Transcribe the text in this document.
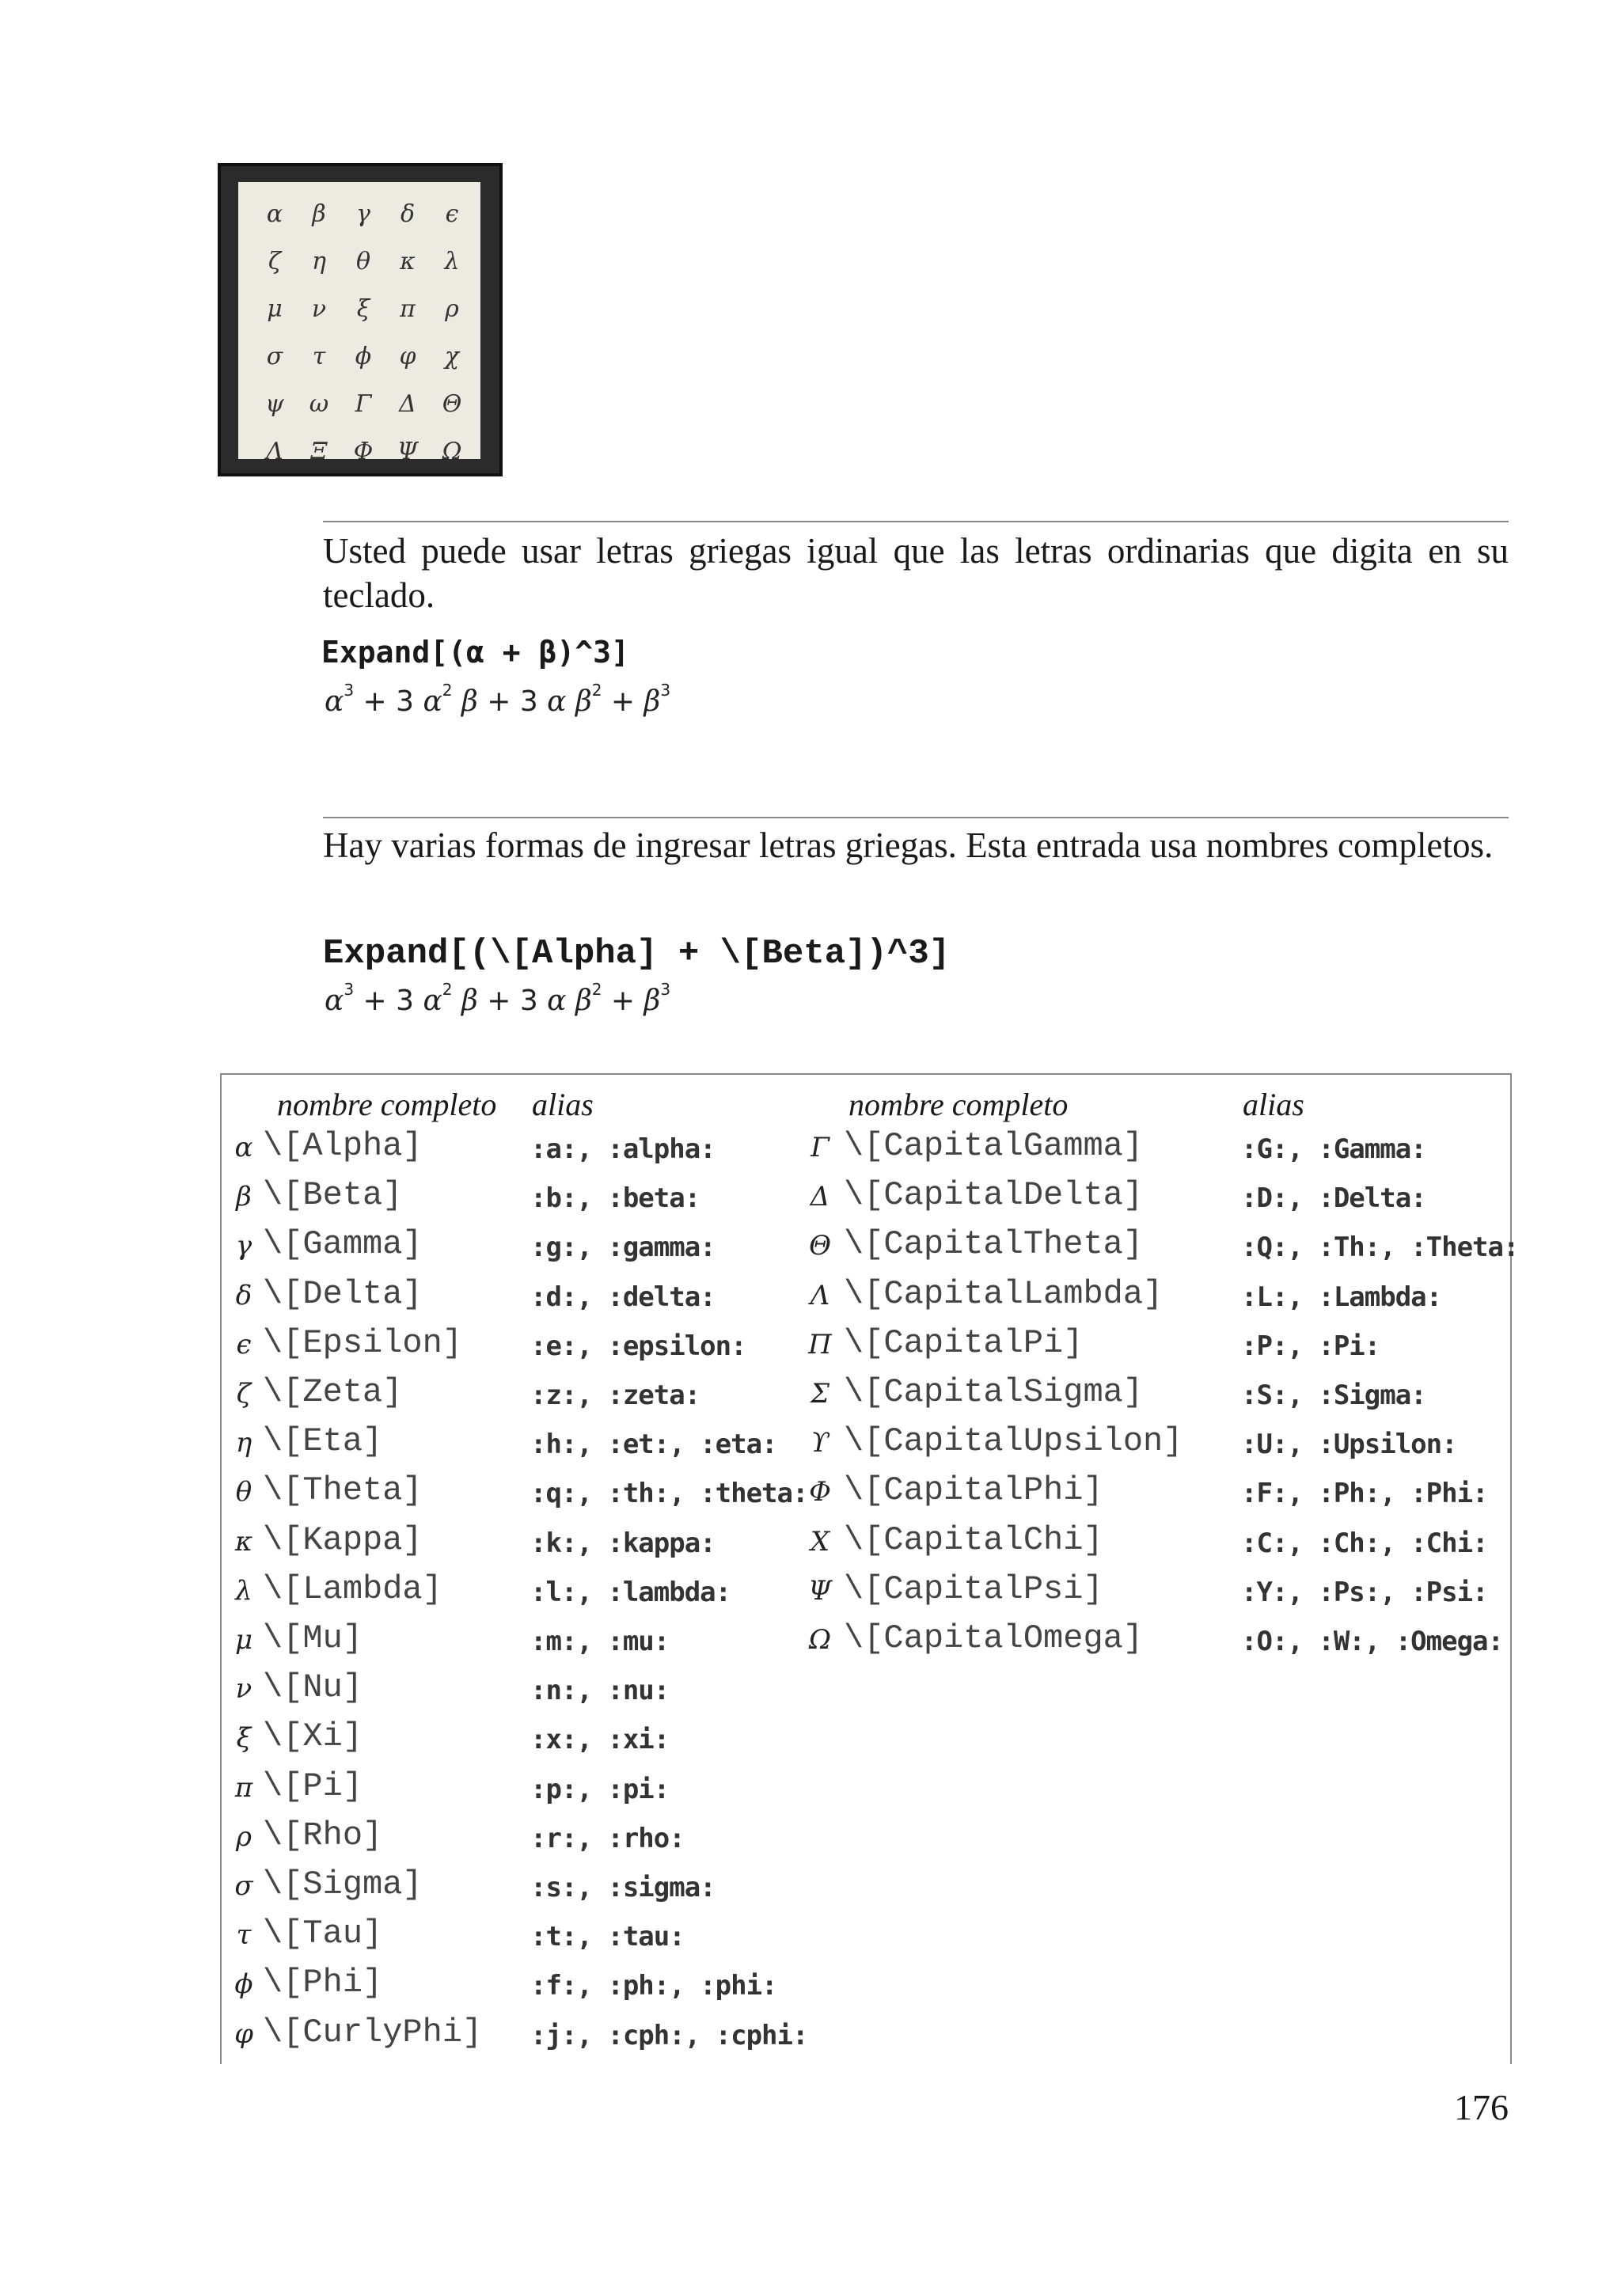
α	β	γ	δ	є
ζ	η	θ	κ	λ
μ	ν	ξ	π	ρ
σ	τ	ϕ	φ	χ
ψ	ω	Γ	Δ	Θ
Λ	Ξ	Φ	Ψ	Ω
Usted puede usar letras griegas igual que las letras ordinarias que digita en su teclado.
Expand[(α + β)^3]
$\alpha^3 + 3$ $\alpha^2$ β + 3 α $\beta^2 + \beta^3$
Hay varias formas de ingresar letras griegas. Esta entrada usa nombres completos.
Expand[(\[Alpha] + \[Beta])^3]
$\alpha^3 + 3$ $\alpha^2$ β + 3 α $\beta^2 + \beta^3$
nombre completo alias	nombre completo	alias
α \[Alpha]	:a:, :alpha:
β \[Beta]	:b:, :beta:
γ \[Gamma]	:g:, :gamma:
δ \[Delta]	:d:, :delta:
є \[Epsilon]	:e:, :epsilon:
ζ \[Zeta]	:z:, :zeta:
η \[Eta]	:h:, :et:, :eta:
θ \[Theta]	:q:, :th:, :theta:
κ \[Kappa]	:k:, :kappa:
λ \[Lambda]	:l:, :lambda:
μ \[Mu]	:m:, :mu:
ν \[Nu]	:n:, :nu:
ξ \[Xi]	:x:, :xi:
π \[Pi]	:p:, :pi:
ρ \[Rho]	:r:, :rho:
σ \[Sigma]	:s:, :sigma:
τ \[Tau]	:t:, :tau:
ϕ \[Phi]	:f:, :ph:, :phi:
φ \[CurlyPhi] :j:, :cph:, :cphi:
Γ \[CapitalGamma]	:G:, :Gamma:
Δ \[CapitalDelta]	:D:, :Delta:
Θ \[CapitalTheta]	:Q:, :Th:, :Theta:
Λ \[CapitalLambda]	:L:, :Lambda:
Π \[CapitalPi]	:P:, :Pi:
Σ \[CapitalSigma]	:S:, :Sigma:
ϒ \[CapitalUpsilon] :U:, :Upsilon:
Φ \[CapitalPhi]	:F:, :Ph:, :Phi:
Χ \[CapitalChi]	:C:, :Ch:, :Chi:
Ψ \[CapitalPsi]	:Y:, :Ps:, :Psi:
Ω \[CapitalOmega]	:O:, :W:, :Omega:
176
